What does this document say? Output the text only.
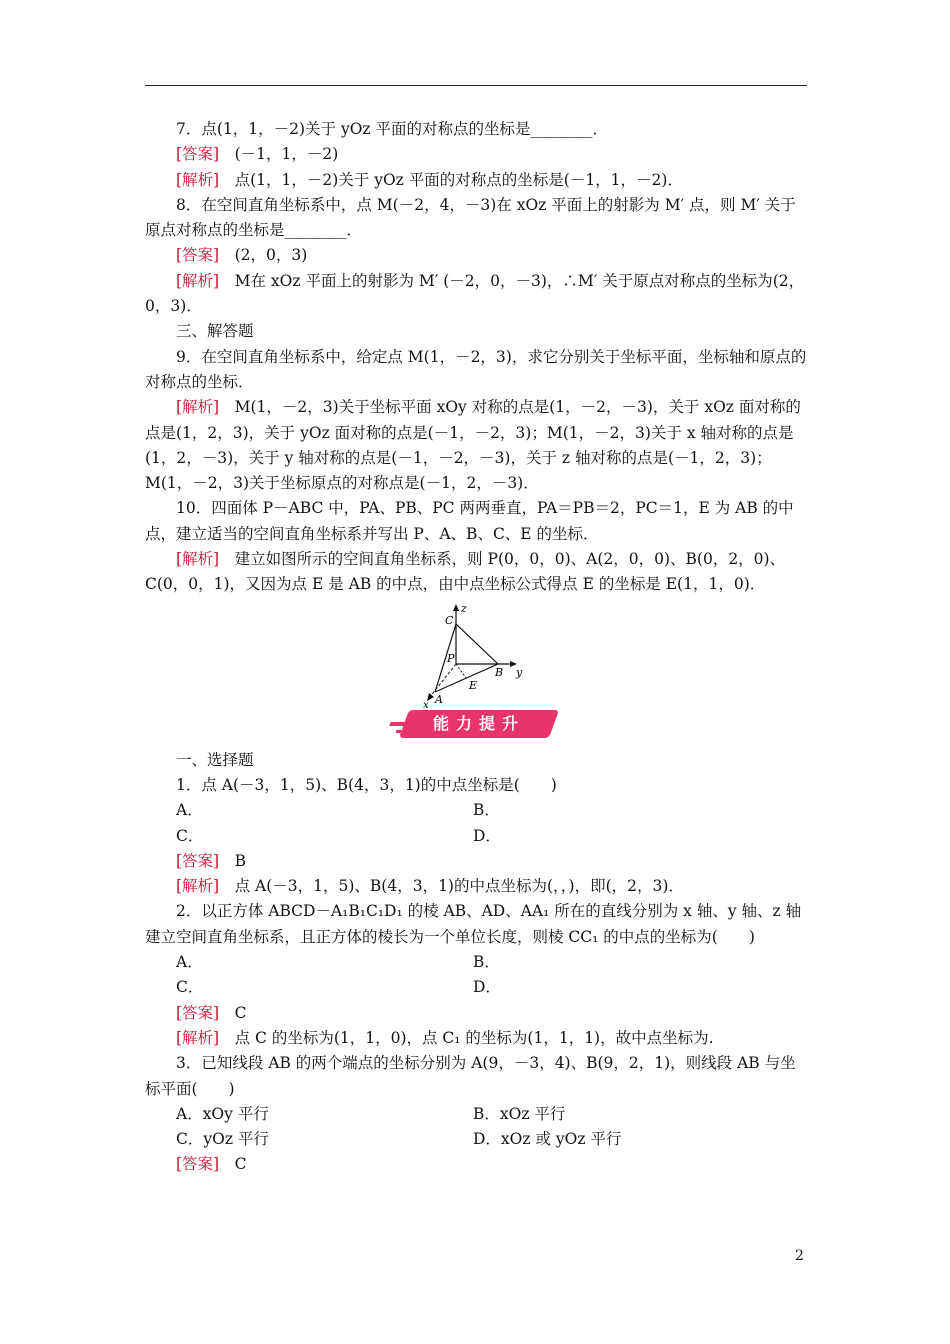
7．点(1，1，－2)关于 yOz 平面的对称点的坐标是________．

[答案]　(－1，1，－2)

[解析]　点(1，1，－2)关于 yOz 平面的对称点的坐标是(－1，1，－2)．

8．在空间直角坐标系中，点 M(－2，4，－3)在 xOz 平面上的射影为 M′ 点，则 M′ 关于原点对称点的坐标是________．

[答案]　(2，0，3)

[解析]　M在 xOz 平面上的射影为 M′ (－2，0，－3)，∴M′ 关于原点对称点的坐标为(2，0，3)．

三、解答题

9．在空间直角坐标系中，给定点 M(1，－2，3)，求它分别关于坐标平面，坐标轴和原点的对称点的坐标．

[解析]　M(1，－2，3)关于坐标平面 xOy 对称的点是(1，－2，－3)，关于 xOz 面对称的点是(1，2，3)，关于 yOz 面对称的点是(－1，－2，3)；M(1，－2，3)关于 x 轴对称的点是(1，2，－3)，关于 y 轴对称的点是(－1，－2，－3)，关于 z 轴对称的点是(－1，2，3)；M(1，－2，3)关于坐标原点的对称点是(－1，2，－3)．

10．四面体 P－ABC 中，PA、PB、PC 两两垂直，PA＝PB＝2，PC＝1，E 为 AB 的中点，建立适当的空间直角坐标系并写出 P、A、B、C、E 的坐标．

[解析]　建立如图所示的空间直角坐标系，则 P(0，0，0)、A(2，0，0)、B(0，2，0)、C(0，0，1)，又因为点 E 是 AB 的中点，由中点坐标公式得点 E 的坐标是 E(1，1，0)．

z
C
P
B y
E
A
x
能力提升

一、选择题

1．点 A(－3，1，5)、B(4，3，1)的中点坐标是(　　)

A．	B．
C．	D．

[答案]　B

[解析]　点 A(－3，1，5)、B(4，3，1)的中点坐标为(，，)，即(，2，3)．

2．以正方体 ABCD－A₁B₁C₁D₁ 的棱 AB、AD、AA₁ 所在的直线分别为 x 轴、y 轴、z 轴建立空间直角坐标系，且正方体的棱长为一个单位长度，则棱 CC₁ 的中点的坐标为(　　)

A．	B．
C．	D．

[答案]　C

[解析]　点 C 的坐标为(1，1，0)，点 C₁ 的坐标为(1，1，1)，故中点坐标为.

3．已知线段 AB 的两个端点的坐标分别为 A(9，－3，4)、B(9，2，1)，则线段 AB 与坐标平面(　　)

A．xOy 平行	B．xOz 平行
C．yOz 平行	D．xOz 或 yOz 平行

[答案]　C

2
